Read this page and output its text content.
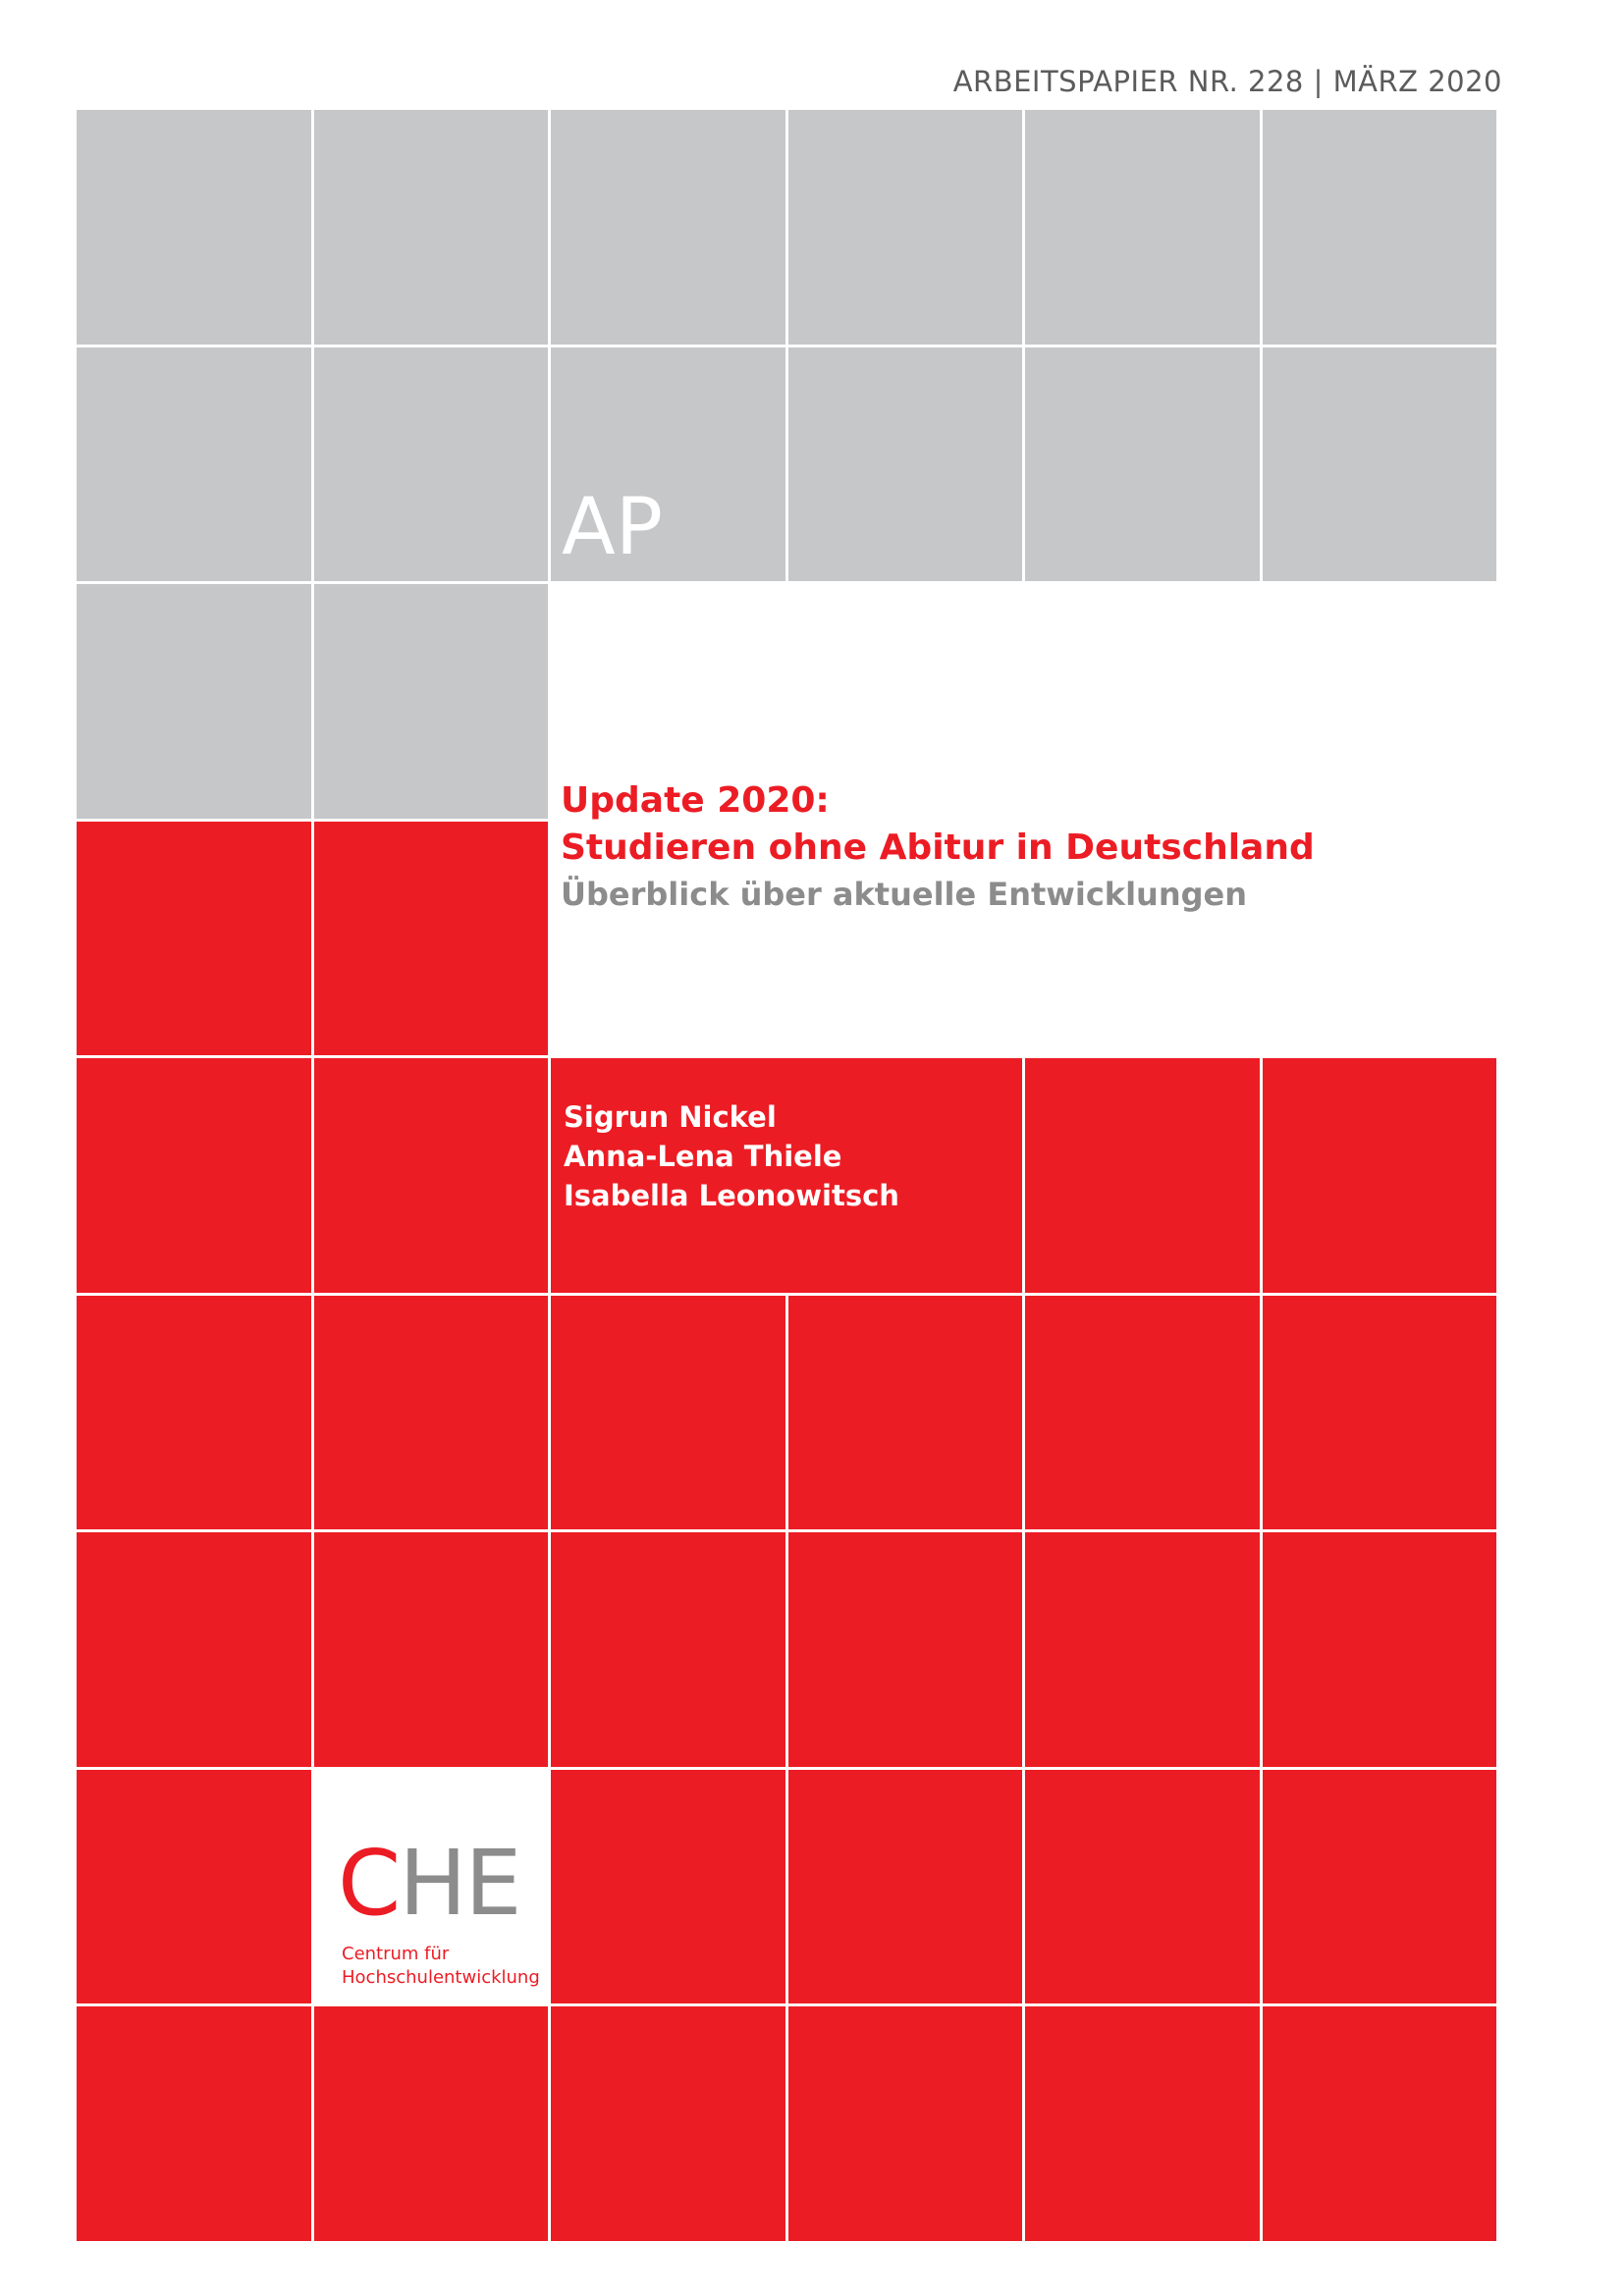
ARBEITSPAPIER NR. 228 | MÄRZ 2020
AP
Update 2020:
Studieren ohne Abitur in Deutschland
Überblick über aktuelle Entwicklungen
Sigrun Nickel
Anna-Lena Thiele
Isabella Leonowitsch
CHE
Centrum für
Hochschulentwicklung
